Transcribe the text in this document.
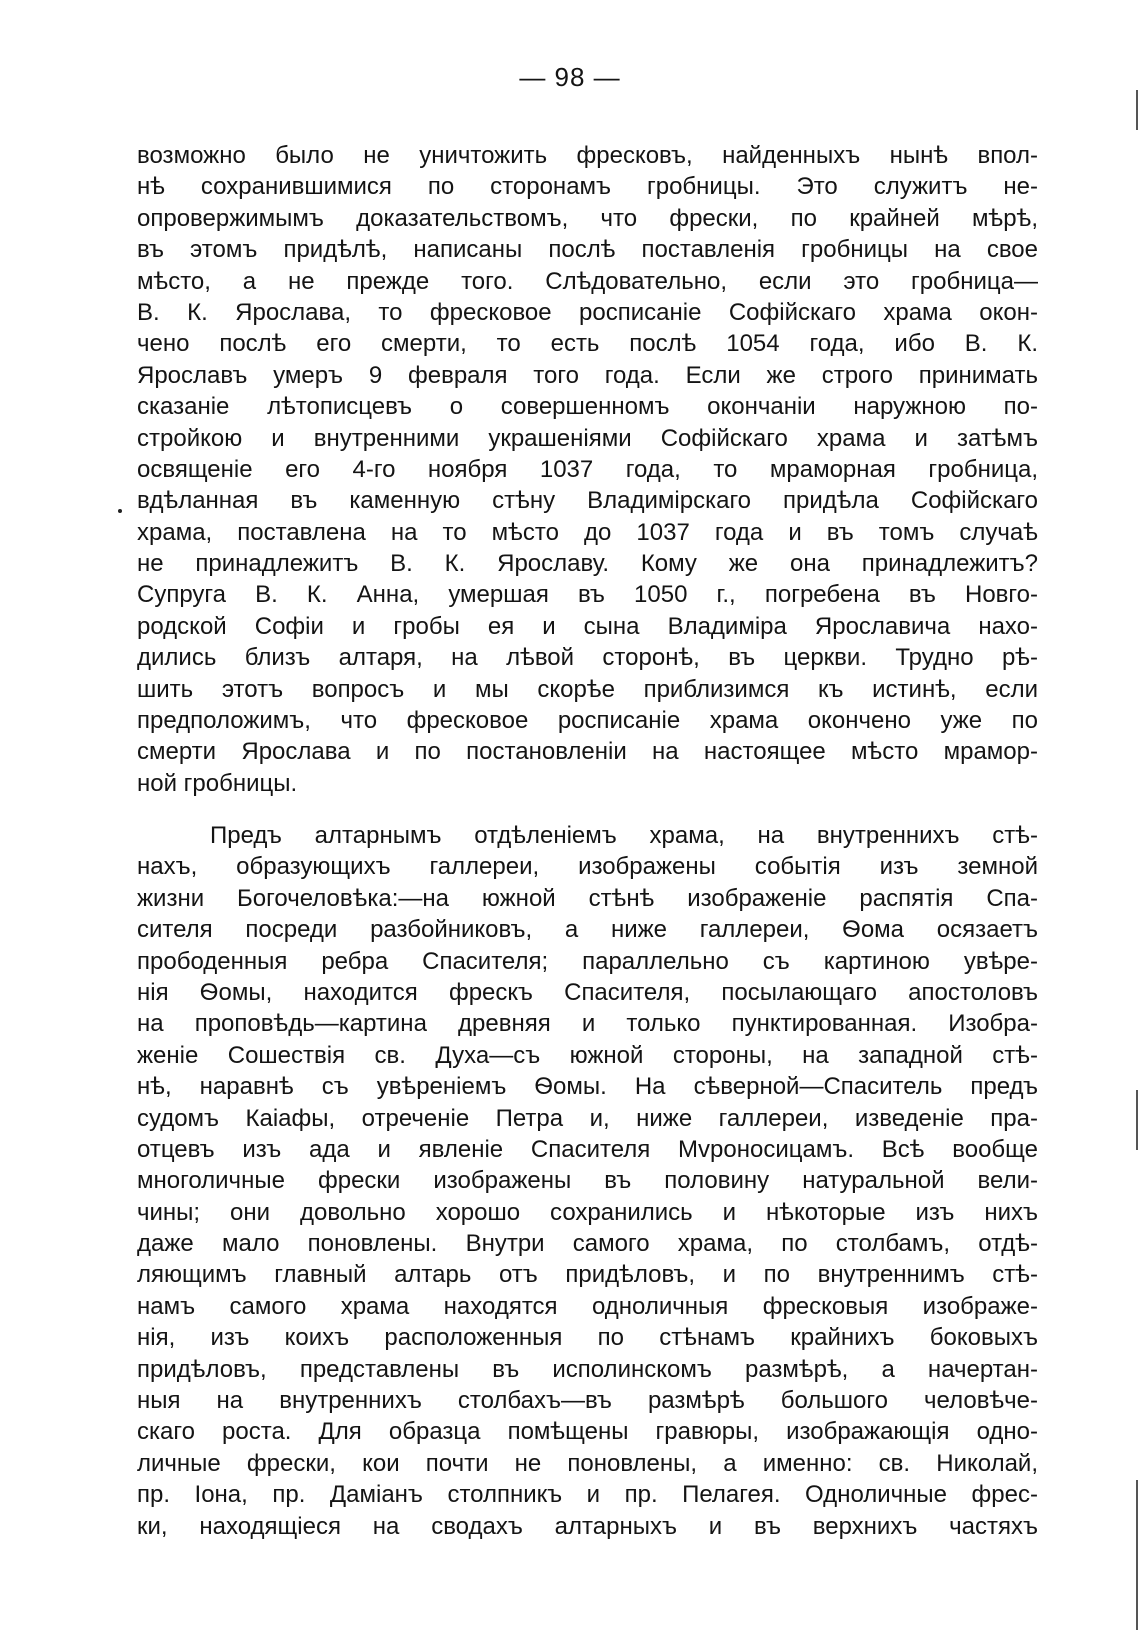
— 98 —
возможно было не уничтожить фресковъ, найденныхъ нынѣ впол-
нѣ сохранившимися по сторонамъ гробницы. Это служитъ не-
опровержимымъ доказательствомъ, что фрески, по крайней мѣрѣ,
въ этомъ придѣлѣ, написаны послѣ поставленія гробницы на свое
мѣсто, а не прежде того. Слѣдовательно, если это гробница—
В. К. Ярослава, то фресковое росписаніе Софійскаго храма окон-
чено послѣ его смерти, то есть послѣ 1054 года, ибо В. К.
Ярославъ умеръ 9 февраля того года. Если же строго принимать
сказаніе лѣтописцевъ о совершенномъ окончаніи наружною по-
стройкою и внутренними украшеніями Софійскаго храма и затѣмъ
освященіе его 4-го ноября 1037 года, то мраморная гробница,
вдѣланная въ каменную стѣну Владимірскаго придѣла Софійскаго
храма, поставлена на то мѣсто до 1037 года и въ томъ случаѣ
не принадлежитъ В. К. Ярославу. Кому же она принадлежитъ?
Супруга В. К. Анна, умершая въ 1050 г., погребена въ Новго-
родской Софіи и гробы ея и сына Владиміра Ярославича нахо-
дились близъ алтаря, на лѣвой сторонѣ, въ церкви. Трудно рѣ-
шить этотъ вопросъ и мы скорѣе приблизимся къ истинѣ, если
предположимъ, что фресковое росписаніе храма окончено уже по
смерти Ярослава и по постановленіи на настоящее мѣсто мрамор-
ной гробницы.
Предъ алтарнымъ отдѣленіемъ храма, на внутреннихъ стѣ-
нахъ, образующихъ галлереи, изображены событія изъ земной
жизни Богочеловѣка:—на южной стѣнѣ изображеніе распятія Спа-
сителя посреди разбойниковъ, а ниже галлереи, Ѳома осязаетъ
прободенныя ребра Спасителя; параллельно съ картиною увѣре-
нія Ѳомы, находится фрескъ Спасителя, посылающаго апостоловъ
на проповѣдь—картина древняя и только пунктированная. Изобра-
женіе Сошествія св. Духа—съ южной стороны, на западной стѣ-
нѣ, наравнѣ съ увѣреніемъ Ѳомы. На сѣверной—Спаситель предъ
судомъ Каіафы, отреченіе Петра и, ниже галлереи, изведеніе пра-
отцевъ изъ ада и явленіе Спасителя Мvроносицамъ. Всѣ вообще
многоличные фрески изображены въ половину натуральной вели-
чины; они довольно хорошо сохранились и нѣкоторые изъ нихъ
даже мало поновлены. Внутри самого храма, по столбамъ, отдѣ-
ляющимъ главный алтарь отъ придѣловъ, и по внутреннимъ стѣ-
намъ самого храма находятся одноличныя фресковыя изображе-
нія, изъ коихъ расположенныя по стѣнамъ крайнихъ боковыхъ
придѣловъ, представлены въ исполинскомъ размѣрѣ, а начертан-
ныя на внутреннихъ столбахъ—въ размѣрѣ большого человѣче-
скаго роста. Для образца помѣщены гравюры, изображающія одно-
личные фрески, кои почти не поновлены, а именно: св. Николай,
пр. Іона, пр. Даміанъ столпникъ и пр. Пелагея. Одноличные фрес-
ки, находящіеся на сводахъ алтарныхъ и въ верхнихъ частяхъ
